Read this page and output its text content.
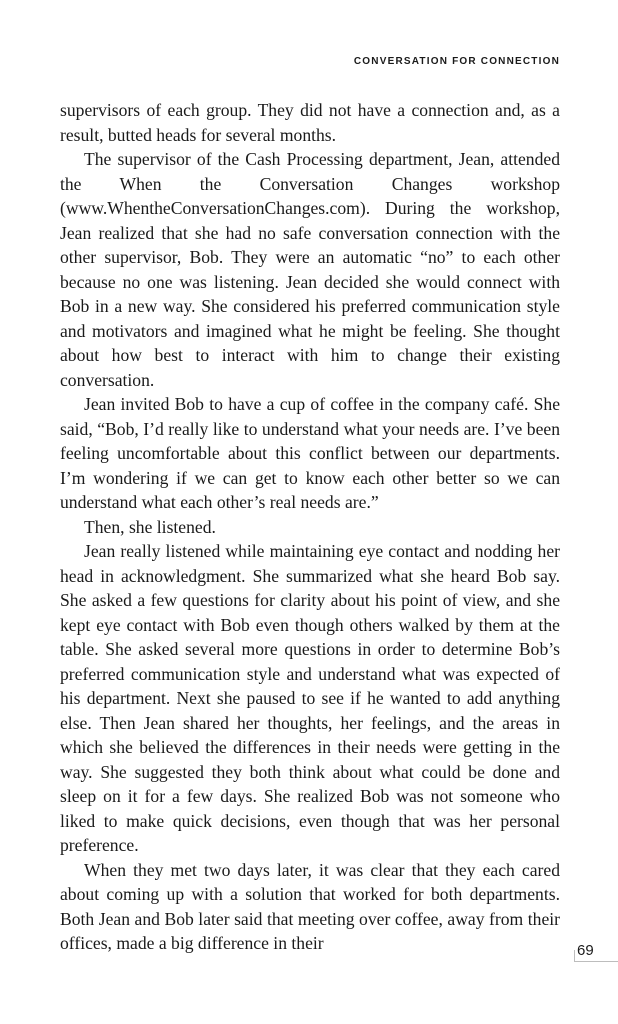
CONVERSATION FOR CONNECTION

supervisors of each group. They did not have a connection and, as a result, butted heads for several months.

The supervisor of the Cash Processing department, Jean, attended the When the Conversation Changes workshop (www.WhentheConversationChanges.com). During the workshop, Jean realized that she had no safe conversation connection with the other supervisor, Bob. They were an automatic “no” to each other because no one was listening. Jean decided she would connect with Bob in a new way. She considered his preferred communication style and motivators and imagined what he might be feeling. She thought about how best to interact with him to change their existing conversation.

Jean invited Bob to have a cup of coffee in the company café. She said, “Bob, I’d really like to understand what your needs are. I’ve been feeling uncomfortable about this conflict between our departments. I’m wondering if we can get to know each other better so we can understand what each other’s real needs are.”

Then, she listened.

Jean really listened while maintaining eye contact and nodding her head in acknowledgment. She summarized what she heard Bob say. She asked a few questions for clarity about his point of view, and she kept eye contact with Bob even though others walked by them at the table. She asked several more questions in order to determine Bob’s preferred communication style and understand what was expected of his department. Next she paused to see if he wanted to add anything else. Then Jean shared her thoughts, her feelings, and the areas in which she believed the differences in their needs were getting in the way. She suggested they both think about what could be done and sleep on it for a few days. She realized Bob was not someone who liked to make quick decisions, even though that was her personal preference.

When they met two days later, it was clear that they each cared about coming up with a solution that worked for both departments. Both Jean and Bob later said that meeting over coffee, away from their offices, made a big difference in their	69
